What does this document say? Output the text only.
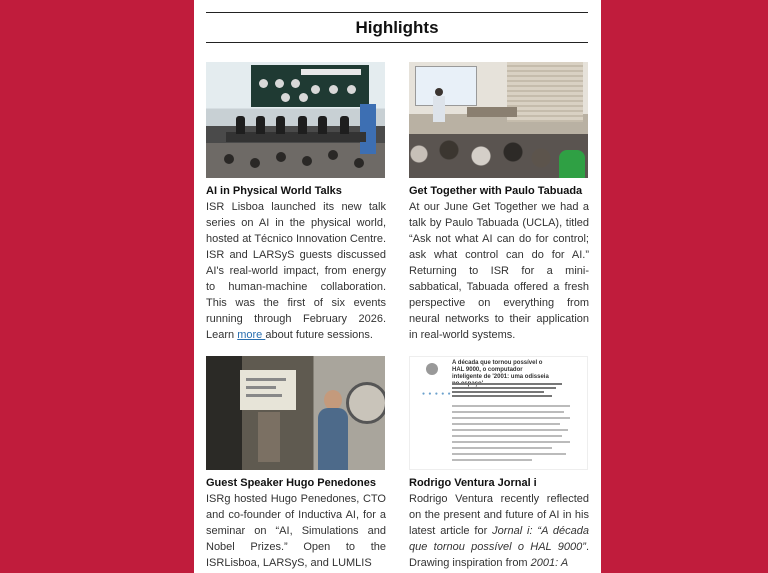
Highlights
AI in Physical World Talks
ISR Lisboa launched its new talk series on AI in the physical world, hosted at Técnico Innovation Centre. ISR and LARSyS guests discussed AI's real-world impact, from energy to human-machine collaboration. This was the first of six events running through February 2026. Learn more about future sessions.
Get Together with Paulo Tabuada
At our June Get Together we had a talk by Paulo Tabuada (UCLA), titled “Ask not what AI can do for control; ask what control can do for AI.” Returning to ISR for a mini-sabbatical, Tabuada offered a fresh perspective on everything from neural networks to their application in real-world systems.
Guest Speaker Hugo Penedones
ISRg hosted Hugo Penedones, CTO and co-founder of Inductiva AI, for a seminar on “AI, Simulations and Nobel Prizes.” Open to the ISRLisboa, LARSyS, and LUMLIS
A década que tornou possível o HAL 9000, o computador inteligente de '2001: uma odisseia
● ● ● ● ●
Rodrigo Ventura Jornal i
Rodrigo Ventura recently reflected on the present and future of AI in his latest article for Jornal i: “A década que tornou possível o HAL 9000”. Drawing inspiration from 2001: A
